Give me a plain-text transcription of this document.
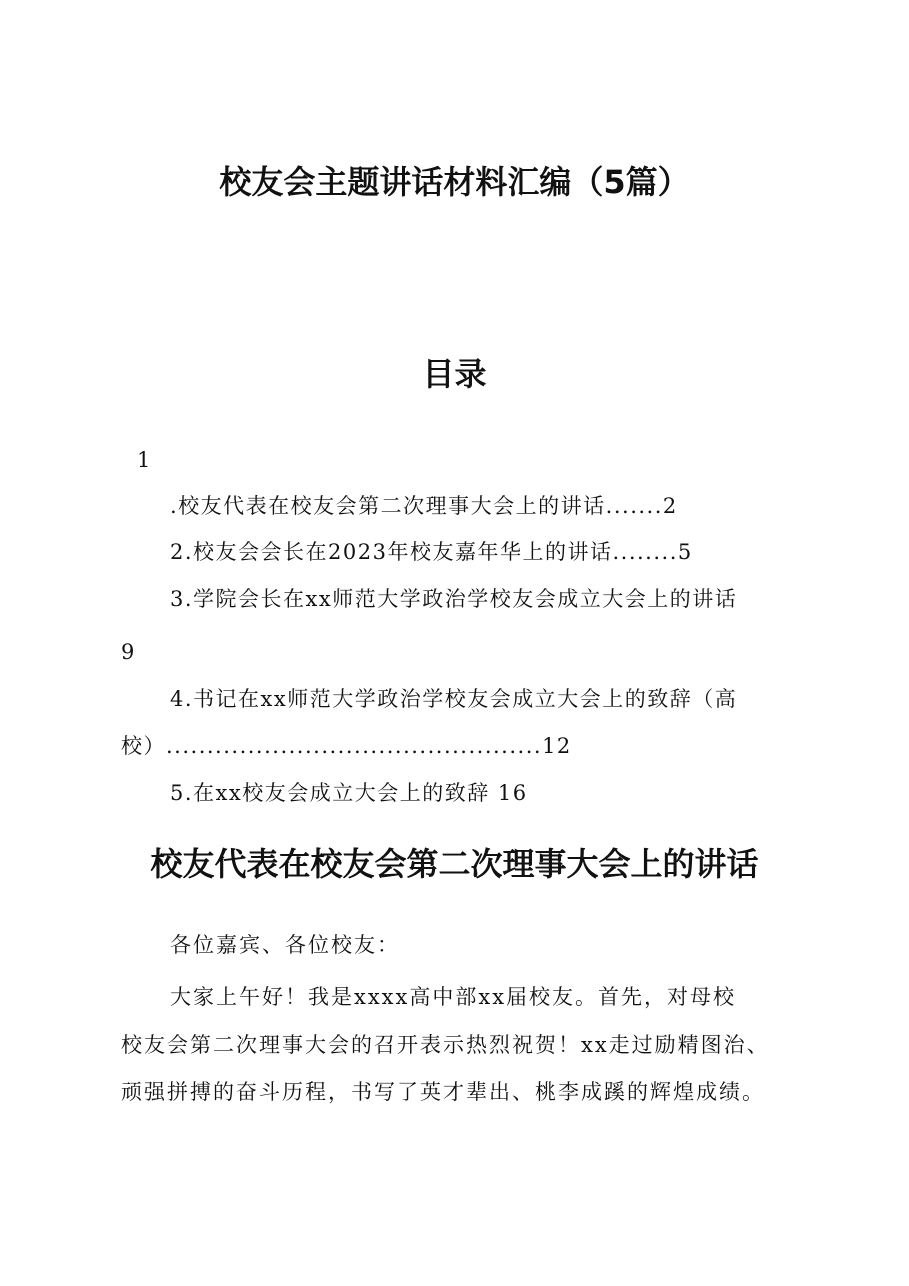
校友会主题讲话材料汇编（5篇）
目录
1
.校友代表在校友会第二次理事大会上的讲话.......2
2.校友会会长在2023年校友嘉年华上的讲话........5
3.学院会长在xx师范大学政治学校友会成立大会上的讲话
9
4.书记在xx师范大学政治学校友会成立大会上的致辞（高
校）..............................................12
5.在xx校友会成立大会上的致辞 16
校友代表在校友会第二次理事大会上的讲话
各位嘉宾、各位校友：
大家上午好！我是xxxx高中部xx届校友。首先，对母校
校友会第二次理事大会的召开表示热烈祝贺！xx走过励精图治、
顽强拼搏的奋斗历程，书写了英才辈出、桃李成蹊的辉煌成绩。
